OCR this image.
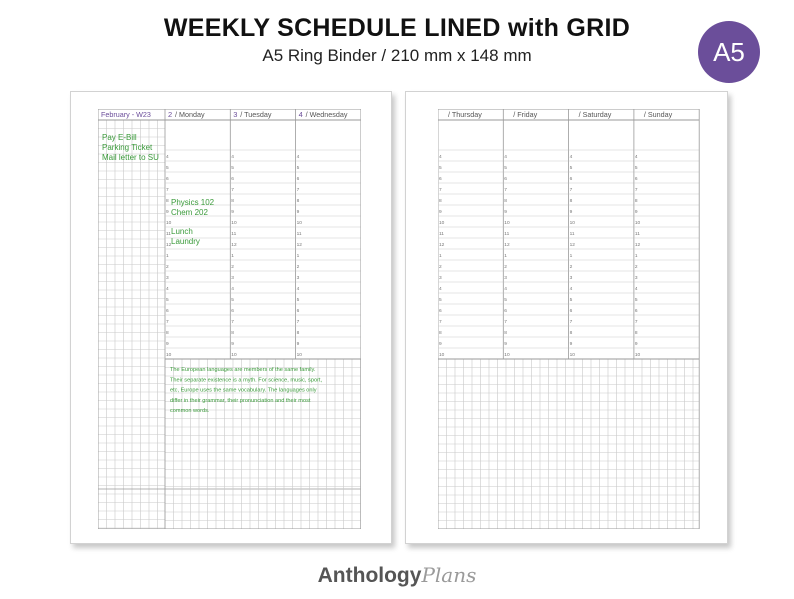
WEEKLY SCHEDULE LINED with GRID
A5 Ring Binder / 210 mm x 148 mm	A5
February - W23
Pay E-Bill
Parking Ticket
Mail letter to SU
2 / Monday
4
5
6
7
8
9
10
11
12
1
2
3
4
5
6
7
8
9
10
3 / Tuesday
4
5
6
7
8
9
10
11
12
1
2
3
4
5
6
7
8
9
10
4 / Wednesday
4
5
6
7
8
9
10
11
12
1
2
3
4
5
6
7
8
9
10
Physics 102
Chem 202
Lunch
Laundry
The European languages are members of the same family.
Their separate existence is a myth. For science, music, sport,
etc, Europe uses the same vocabulary. The languages only
differ in their grammar, their pronunciation and their most
common words.
/ Thursday
4
5
6
7
8
9
10
11
12
1
2
3
4
5
6
7
8
9
10
/ Friday
4
5
6
7
8
9
10
11
12
1
2
3
4
5
6
7
8
9
10
/ Saturday
4
5
6
7
8
9
10
11
12
1
2
3
4
5
6
7
8
9
10
/ Sunday
4
5
6
7
8
9
10
11
12
1
2
3
4
5
6
7
8
9
10
AnthologyPlans
